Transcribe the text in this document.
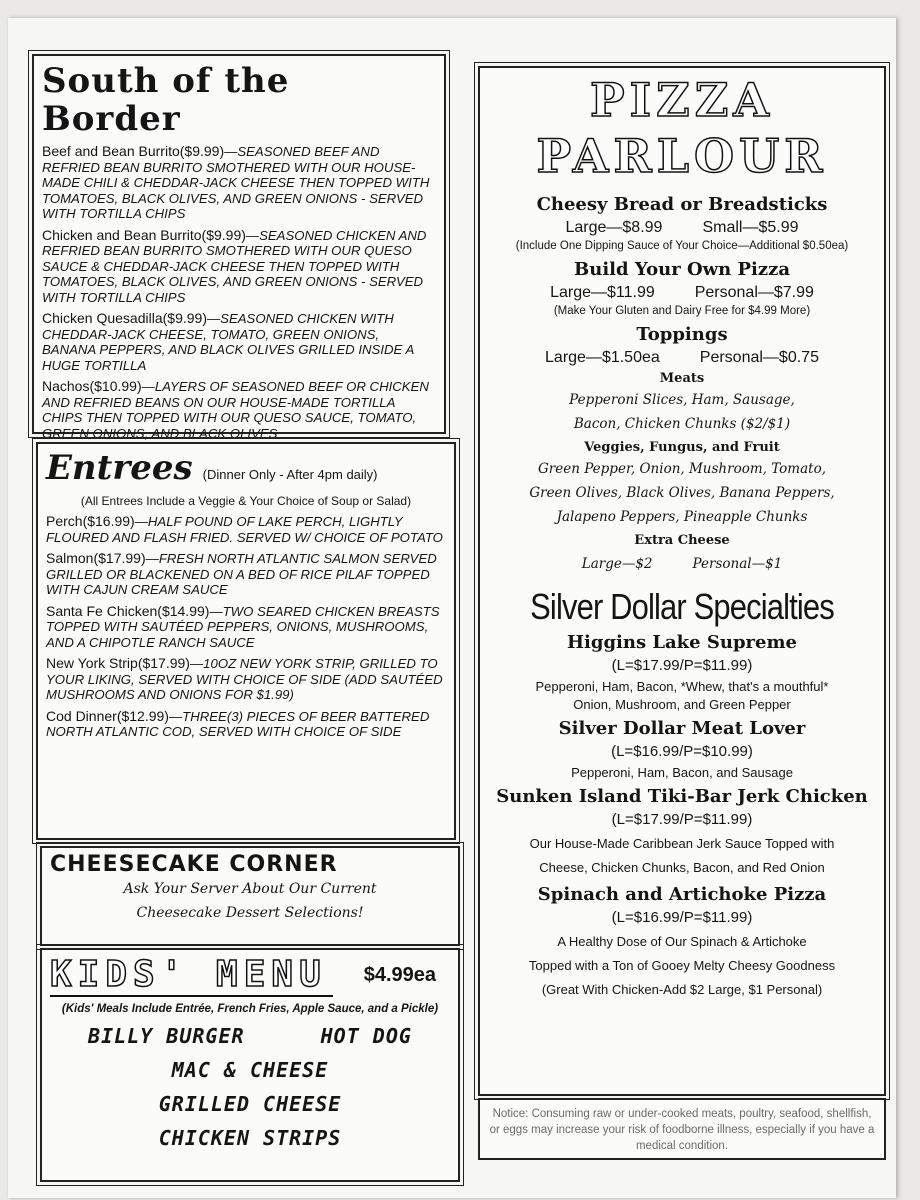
South of the Border
Beef and Bean Burrito($9.99)—SEASONED BEEF AND REFRIED BEAN BURRITO SMOTHERED WITH OUR HOUSE-MADE CHILI & CHEDDAR-JACK CHEESE THEN TOPPED WITH TOMATOES, BLACK OLIVES, AND GREEN ONIONS - SERVED WITH TORTILLA CHIPS
Chicken and Bean Burrito($9.99)—SEASONED CHICKEN AND REFRIED BEAN BURRITO SMOTHERED WITH OUR QUESO SAUCE & CHEDDAR-JACK CHEESE THEN TOPPED WITH TOMATOES, BLACK OLIVES, AND GREEN ONIONS - SERVED WITH TORTILLA CHIPS
Chicken Quesadilla($9.99)—SEASONED CHICKEN WITH CHEDDAR-JACK CHEESE, TOMATO, GREEN ONIONS, BANANA PEPPERS, AND BLACK OLIVES GRILLED INSIDE A HUGE TORTILLA
Nachos($10.99)—LAYERS OF SEASONED BEEF OR CHICKEN AND REFRIED BEANS ON OUR HOUSE-MADE TORTILLA CHIPS THEN TOPPED WITH OUR QUESO SAUCE, TOMATO, GREEN ONIONS, AND BLACK OLIVES
Entrees (Dinner Only - After 4pm daily)
(All Entrees Include a Veggie & Your Choice of Soup or Salad)
Perch($16.99)—HALF POUND OF LAKE PERCH, LIGHTLY FLOURED AND FLASH FRIED. SERVED W/ CHOICE OF POTATO
Salmon($17.99)—FRESH NORTH ATLANTIC SALMON SERVED GRILLED OR BLACKENED ON A BED OF RICE PILAF TOPPED WITH CAJUN CREAM SAUCE
Santa Fe Chicken($14.99)—TWO SEARED CHICKEN BREASTS TOPPED WITH SAUTÉED PEPPERS, ONIONS, MUSHROOMS, AND A CHIPOTLE RANCH SAUCE
New York Strip($17.99)—10OZ NEW YORK STRIP, GRILLED TO YOUR LIKING, SERVED WITH CHOICE OF SIDE (ADD SAUTÉED MUSHROOMS AND ONIONS FOR $1.99)
Cod Dinner($12.99)—THREE(3) PIECES OF BEER BATTERED NORTH ATLANTIC COD, SERVED WITH CHOICE OF SIDE
CHEESECAKE CORNER
Ask Your Server About Our Current
Cheesecake Dessert Selections!
KIDS' MENU	$4.99ea
(Kids' Meals Include Entrée, French Fries, Apple Sauce, and a Pickle)
BILLY BURGER	HOT DOG
MAC & CHEESE
GRILLED CHEESE
CHICKEN STRIPS
PIZZA PARLOUR
Cheesy Bread or Breadsticks
Large—$8.99	Small—$5.99
(Include One Dipping Sauce of Your Choice—Additional $0.50ea)
Build Your Own Pizza
Large—$11.99	Personal—$7.99
(Make Your Gluten and Dairy Free for $4.99 More)
Toppings
Large—$1.50ea	Personal—$0.75
Meats
Pepperoni Slices, Ham, Sausage,
Bacon, Chicken Chunks ($2/$1)
Veggies, Fungus, and Fruit
Green Pepper, Onion, Mushroom, Tomato,
Green Olives, Black Olives, Banana Peppers,
Jalapeno Peppers, Pineapple Chunks
Extra Cheese
Large—$2	Personal—$1
Silver Dollar Specialties
Higgins Lake Supreme
(L=$17.99/P=$11.99)
Pepperoni, Ham, Bacon, *Whew, that's a mouthful*
Onion, Mushroom, and Green Pepper
Silver Dollar Meat Lover
(L=$16.99/P=$10.99)
Pepperoni, Ham, Bacon, and Sausage
Sunken Island Tiki-Bar Jerk Chicken
(L=$17.99/P=$11.99)
Our House-Made Caribbean Jerk Sauce Topped with
Cheese, Chicken Chunks, Bacon, and Red Onion
Spinach and Artichoke Pizza
(L=$16.99/P=$11.99)
A Healthy Dose of Our Spinach & Artichoke
Topped with a Ton of Gooey Melty Cheesy Goodness
(Great With Chicken-Add $2 Large, $1 Personal)
Notice: Consuming raw or under-cooked meats, poultry, seafood, shellfish, or eggs may increase your risk of foodborne illness, especially if you have a medical condition.
